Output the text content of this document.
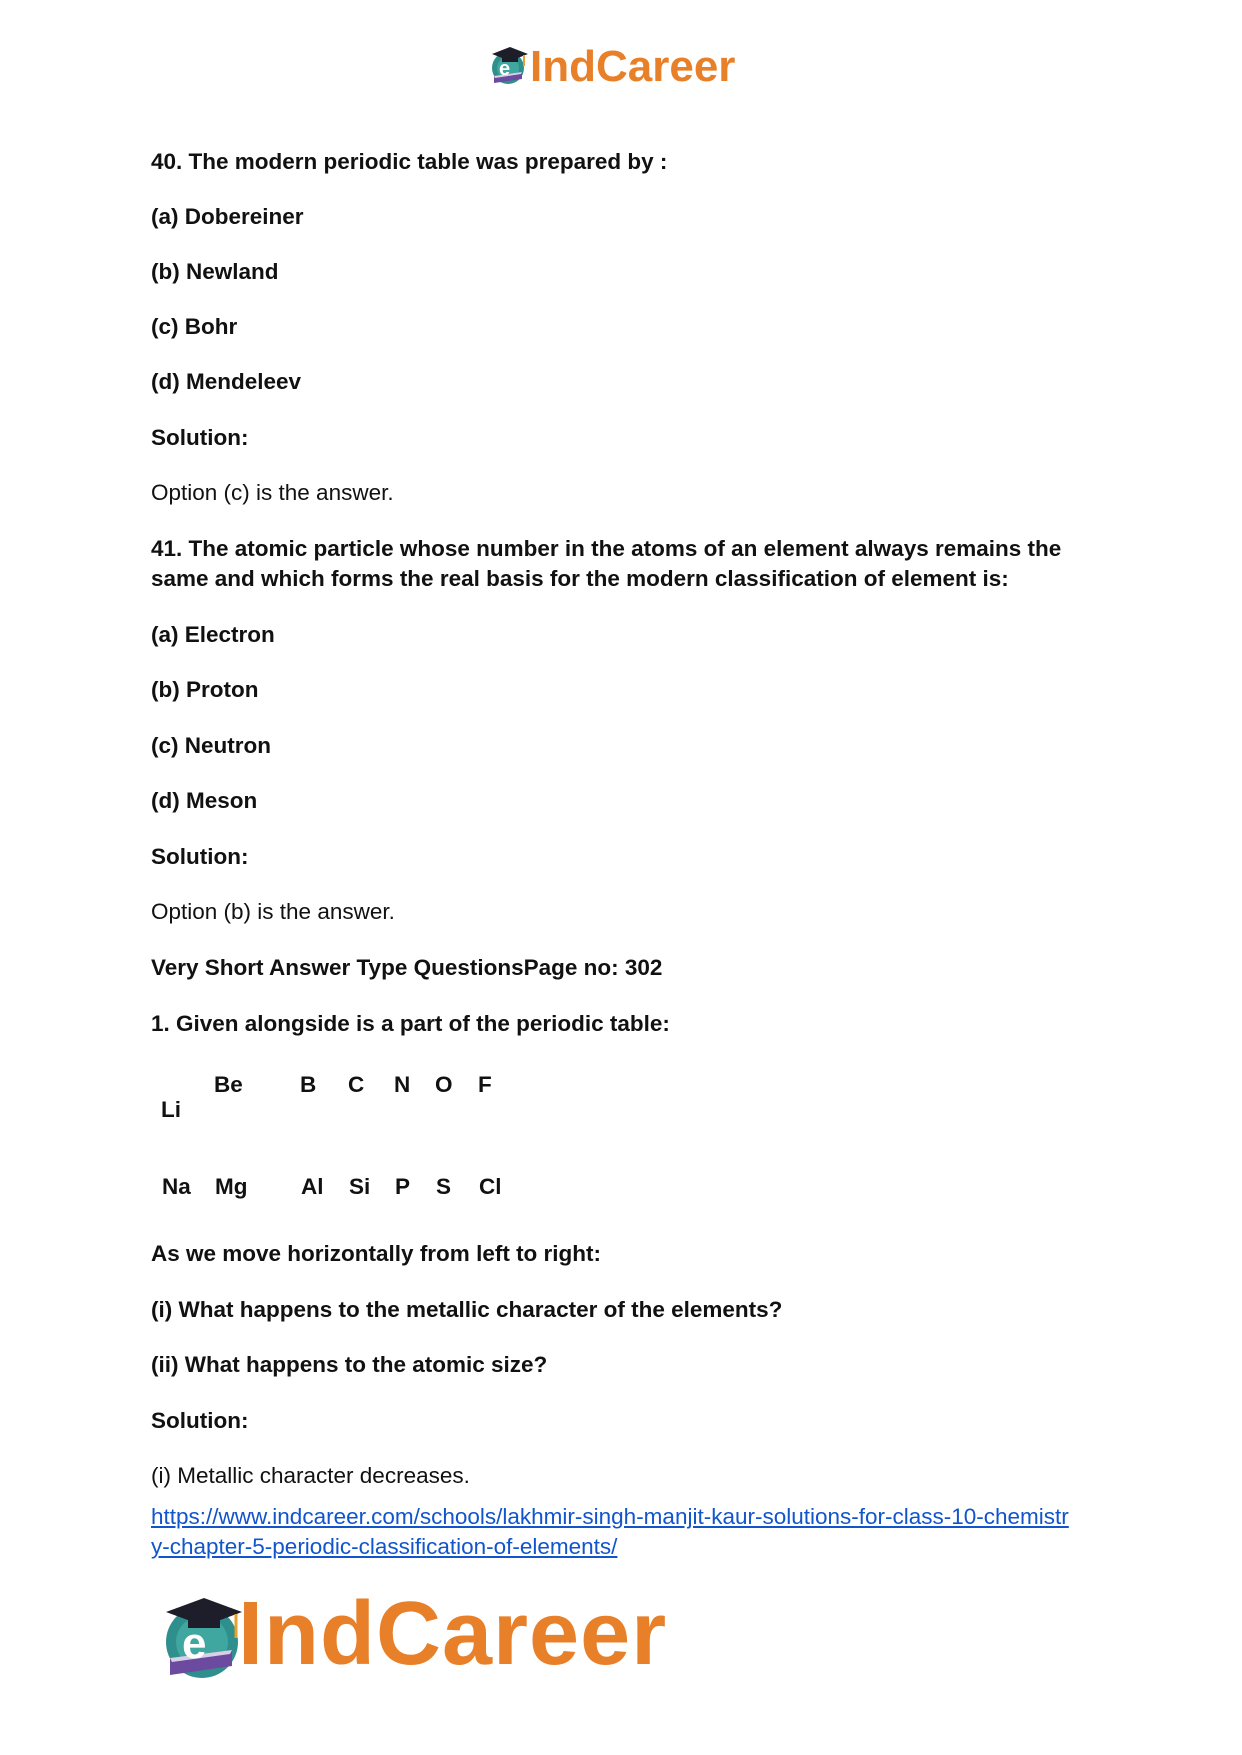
e IndCareer
40. The modern periodic table was prepared by :
(a) Dobereiner
(b) Newland
(c) Bohr
(d) Mendeleev
Solution:
Option (c) is the answer.
41. The atomic particle whose number in the atoms of an element always remains the
same and which forms the real basis for the modern classification of element is:
(a) Electron
(b) Proton
(c) Neutron
(d) Meson
Solution:
Option (b) is the answer.
Very Short Answer Type QuestionsPage no: 302
1. Given alongside is a part of the periodic table:
Li
Be	B C N O F
Na Mg Al Si P S Cl
As we move horizontally from left to right:
(i) What happens to the metallic character of the elements?
(ii) What happens to the atomic size?
Solution:
(i) Metallic character decreases.
https://www.indcareer.com/schools/lakhmir-singh-manjit-kaur-solutions-for-class-10-chemistr
y-chapter-5-periodic-classification-of-elements/
e IndCareer
